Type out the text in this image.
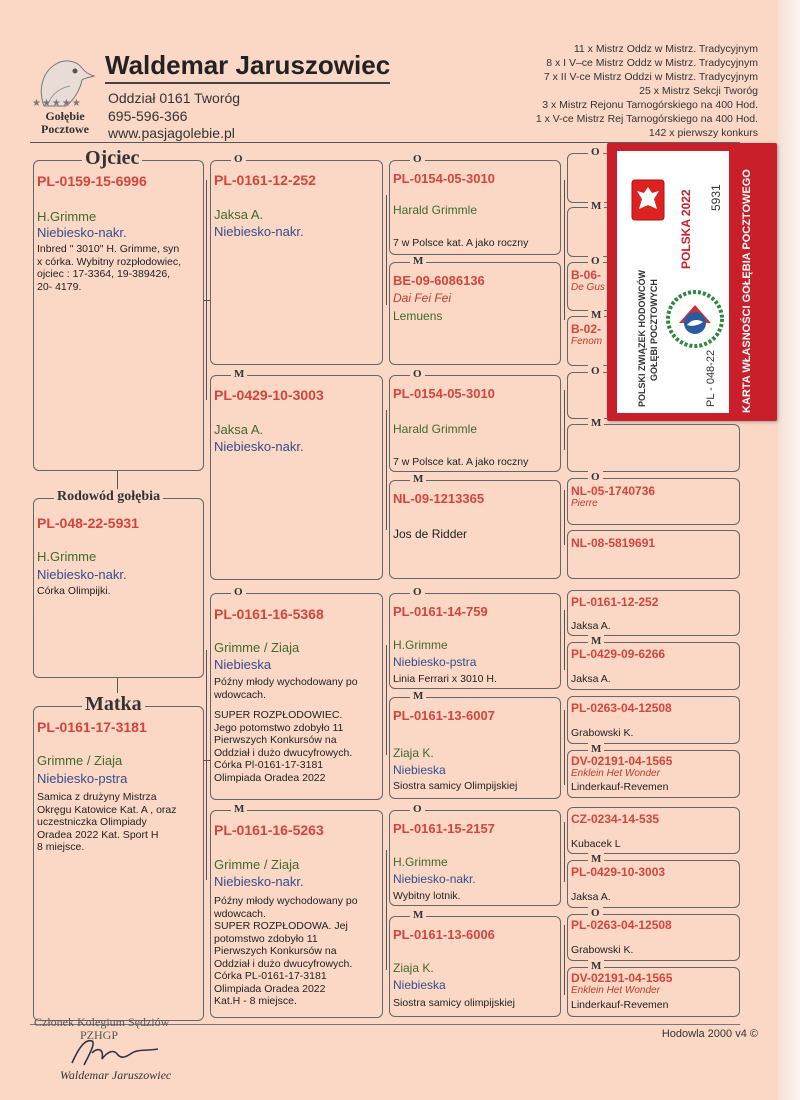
★★★★★
Gołębie Pocztowe
Waldemar Jaruszowiec
Oddział 0161 Tworóg
695-596-366
www.pasjagolebie.pl
11 x Mistrz Oddz w Mistrz. Tradycyjnym
8 x I V–ce Mistrz Oddz w Mistrz. Tradycyjnym
7 x II V-ce Mistrz Oddzi w Mistrz. Tradycyjnym
25 x Mistrz Sekcji Tworóg
3 x Mistrz Rejonu Tarnogórskiego na 400 Hod.
1 x V-ce Mistrz Rej Tarnogórskiego na 400 Hod.
142 x pierwszy konkurs
Ojciec
PL-0159-15-6996
H.Grimme
Niebiesko-nakr.
Inbred " 3010" H. Grimme, syn
x córka. Wybitny rozpłodowiec,
ojciec : 17-3364, 19-389426,
20- 4179.
Rodowód gołębia
PL-048-22-5931
H.Grimme
Niebiesko-nakr.
Córka Olimpijki.
Matka
PL-0161-17-3181
Grimme / Ziaja
Niebiesko-pstra
Samica z drużyny Mistrza
Okręgu Katowice Kat. A , oraz
uczestniczka Olimpiady
Oradea 2022 Kat. Sport H
8 miejsce.
O
PL-0161-12-252
Jaksa A.
Niebiesko-nakr.
M
PL-0429-10-3003
Jaksa A.
Niebiesko-nakr.
O
PL-0161-16-5368
Grimme / Ziaja
Niebieska
Późny młody wychodowany po
wdowcach.
SUPER ROZPŁODOWIEC.
Jego potomstwo zdobyło 11
Pierwszych Konkursów na
Oddział i dużo dwucyfrowych.
Córka Pl-0161-17-3181
Olimpiada Oradea 2022
M
PL-0161-16-5263
Grimme / Ziaja
Niebiesko-nakr.
Późny młody wychodowany po
wdowcach.
SUPER ROZPŁODOWA. Jej
potomstwo zdobyło 11
Pierwszych Konkursów na
Oddział i dużo dwucyfrowych.
Córka PL-0161-17-3181
Olimpiada Oradea 2022
Kat.H - 8 miejsce.
O
PL-0154-05-3010
Harald Grimmle
7 w Polsce kat. A jako roczny
M
BE-09-6086136
Dai Fei Fei
Lemuens
O
PL-0154-05-3010
Harald Grimmle
7 w Polsce kat. A jako roczny
M
NL-09-1213365
Jos de Ridder
O
PL-0161-14-759
H.Grimme
Niebiesko-pstra
Linia Ferrari x 3010 H.
M
PL-0161-13-6007
Ziaja K.
Niebieska
Siostra samicy Olimpijskiej
O
PL-0161-15-2157
H.Grimme
Niebiesko-nakr.
Wybitny lotnik.
M
PL-0161-13-6006
Ziaja K.
Niebieska
Siostra samicy olimpijskiej
O
M
O
B-06-
De Gus
M
B-02-
Fenom
O
M
O
NL-05-1740736
Pierre
NL-08-5819691
PL-0161-12-252
Jaksa A.
M
PL-0429-09-6266
Jaksa A.
PL-0263-04-12508
Grabowski K.
M
DV-02191-04-1565
Enklein Het Wonder
Linderkauf-Revemen
CZ-0234-14-535
Kubacek L
M
PL-0429-10-3003
Jaksa A.
O
PL-0263-04-12508
Grabowski K.
M
DV-02191-04-1565
Enklein Het Wonder
Linderkauf-Revemen
POLSKI ZWIĄZEK HODOWCÓW GOŁĘBI POCZTOWYCH
POLSKA 2022 5931
PL - 048-22 KARTA WŁASNOŚCI GOŁĘBIA POCZTOWEGO
Członek Kolegium Sędziów
PZHGP
Waldemar Jaruszowiec
Hodowla 2000 v4 ©
